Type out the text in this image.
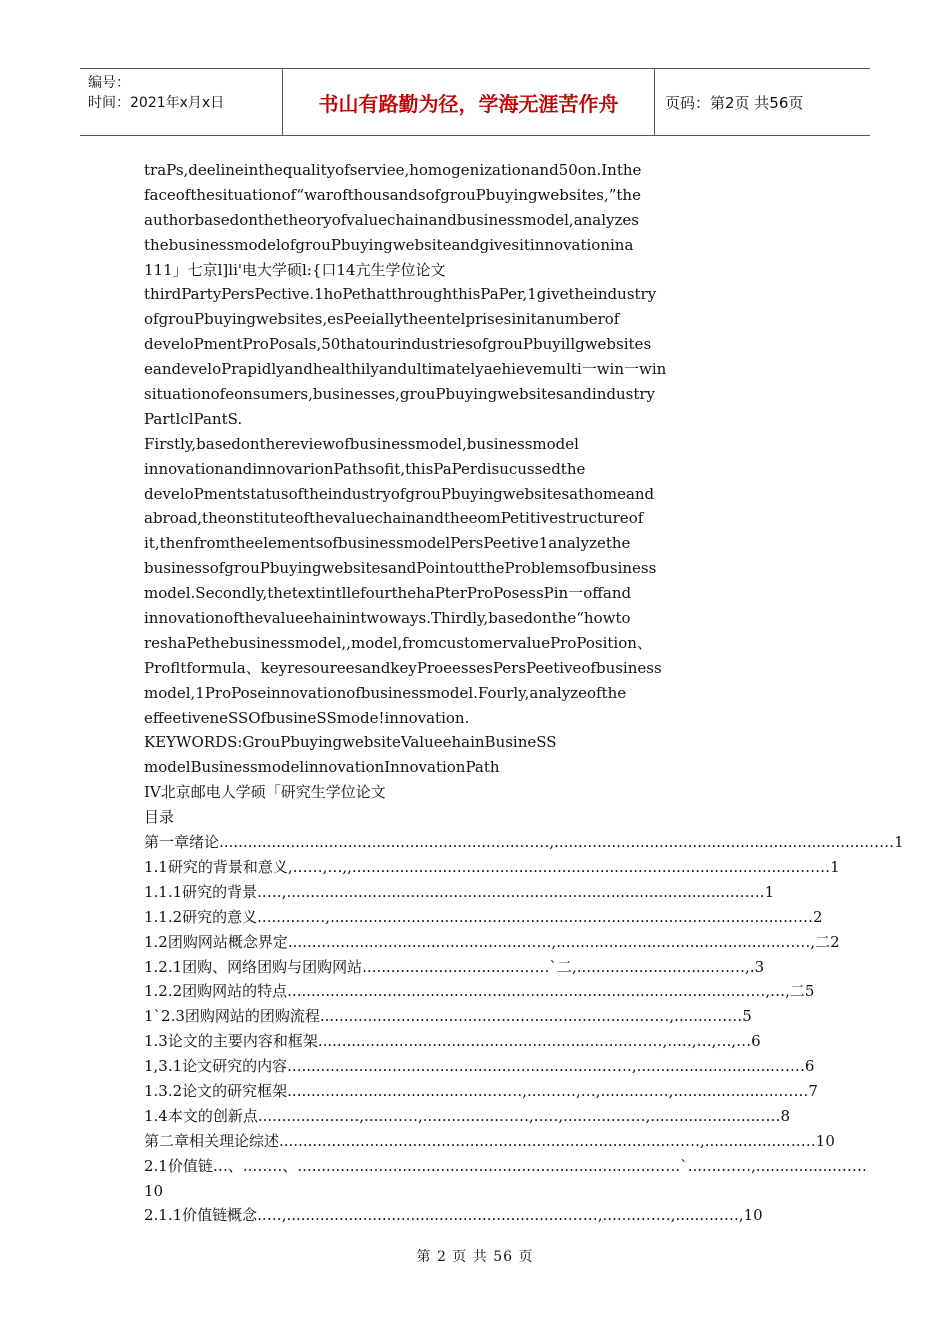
编号：
时间：2021年x月x日	书山有路勤为径，学海无涯苦作舟	页码：第2页 共56页
traPs,deelineinthequalityofserviee,homogenizationand50on.Inthe
faceofthesituationof“warofthousandsofgrouPbuyingwebsites,”the
authorbasedonthetheoryofvaluechainandbusinessmodel,analyzes
thebusinessmodelofgrouPbuyingwebsiteandgivesitinnovationina
111」七京l]li'电大学硕l:{口14亢生学位论文
thirdPartyPersPective.1hoPethatthroughthisPaPer,1givetheindustry
ofgrouPbuyingwebsites,esPeeiallytheentelprisesinitanumberof
develoPmentProPosals,50thatourindustriesofgrouPbuyillgwebsites
eandeveloPrapidlyandhealthilyandultimatelyaehievemulti一win一win
situationofeonsumers,businesses,grouPbuyingwebsitesandindustry
PartlclPantS.
Firstly,basedonthereviewofbusinessmodel,businessmodel
innovationandinnovarionPathsofit,thisPaPerdisucussedthe
develoPmentstatusoftheindustryofgrouPbuyingwebsitesathomeand
abroad,theonstituteofthevaluechainandtheeomPetitivestructureof
it,thenfromtheelementsofbusinessmodelPersPeetive1analyzethe
businessofgrouPbuyingwebsitesandPointouttheProblemsofbusiness
model.Secondly,thetextintllefourthehaPterProPosessPin一offand
innovationofthevalueehainintwoways.Thirdly,basedonthe“howto
reshaPethebusinessmodel,,model,fromcustomervalueProPosition、
Profltformula、keyresoureesandkeyProeessesPersPeetiveofbusiness
model,1ProPoseinnovationofbusinessmodel.Fourly,analyzeofthe
effeetiveneSSOfbusineSSmode!innovation.
KEYWORDS:GrouPbuyingwebsiteValueehainBusineSS
modelBusinessmodelinnovationInnovationPath
IV北京邮电人学硕「研究生学位论文
目录
第一章绪论...............................................................……,.................................................................……1
1.1研究的背景和意义,……,…,,..............................................................................................……1
1.1.1研究的背景..…,..............................................................................................……1
1.1.2研究的意义........……,...............................................................................................……2
1.2团购网站概念界定.................................................……,...............................................……,二2
1.2.1团购、网络团购与团购网站.................................……`二,.............................……,.3
1.2.2团购网站的特点..............................................................................................……,…,二5
1`2.3团购网站的团购流程...................................................................……,........……5
1.3论文的主要内容和框架..................................................................……,..…,…,…,…6
1,3.1论文研究的内容..................................................................……,.............................……6
1.3.2论文的研究框架...........................................……,....……,…,........……,......................……7
1.4本文的创新点...............……,.....……,................……,..…,...........……,.....................……8
第二章相关理论综述..................................................................................……,.................……10
2.1价值链…、..……、..........................................................................……`.......……,.................……
10
2.1.1价值链概念..…,...........................................................……,........……,.......……,10
第 2 页 共 56 页
